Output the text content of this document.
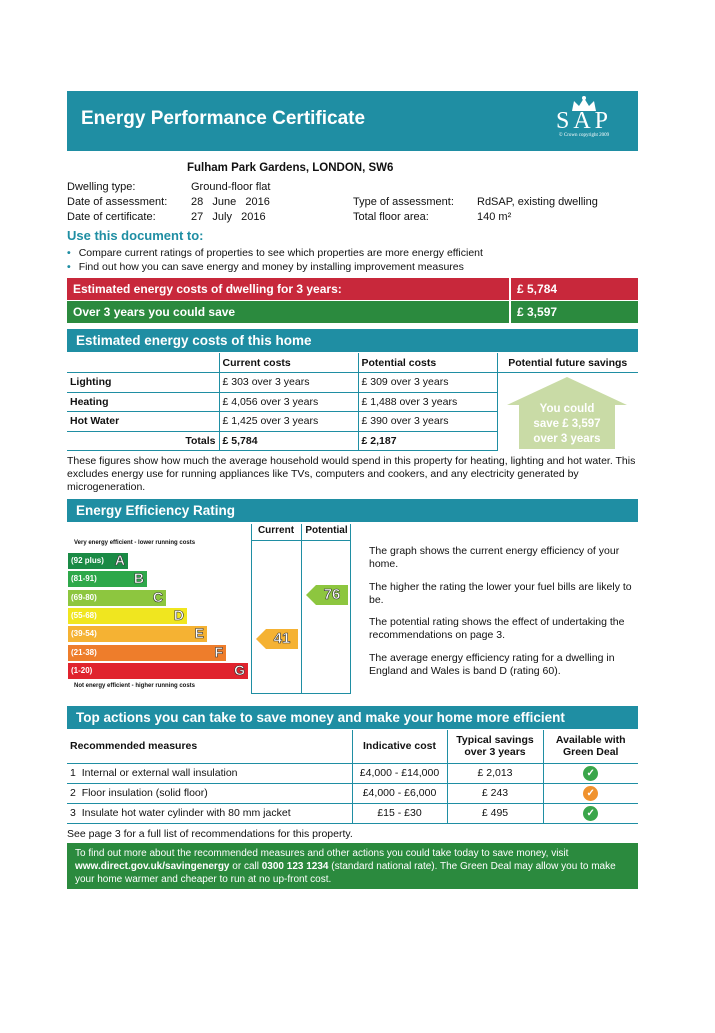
Energy Performance Certificate	SAP
© Crown copyright 2009
Fulham Park Gardens, LONDON, SW6
Dwelling type:	Ground-floor flat
Date of assessment: 28   June   2016
Date of certificate:	27   July   2016
Type of assessment: RdSAP, existing dwelling
Total floor area:	140 m²
Use this document to:
• Compare current ratings of properties to see which properties are more energy efficient
• Find out how you can save energy and money by installing improvement measures
Estimated energy costs of dwelling for 3 years:	£ 5,784
Over 3 years you could save	£ 3,597
Estimated energy costs of this home
	Current costs	Potential costs	Potential future savings
Lighting	£ 303 over 3 years	£ 309 over 3 years	
Heating	£ 4,056 over 3 years	£ 1,488 over 3 years	
Hot Water	£ 1,425 over 3 years	£ 390 over 3 years	
Totals	£ 5,784	£ 2,187	
You could
save £ 3,597
over 3 years
These figures show how much the average household would spend in this property for heating, lighting and hot water. This excludes energy use for running appliances like TVs, computers and cookers, and any electricity generated by microgeneration.
Energy Efficiency Rating
Current	Potential
Very energy efficient - lower running costs
(92 plus) A
(81-91)	B
(69-80)	C
(55-68)	D
(39-54)	E
(21-38)	F
(1-20)	G
Not energy efficient - higher running costs
41
76
The graph shows the current energy efficiency of your home.
The higher the rating the lower your fuel bills are likely to be.
The potential rating shows the effect of undertaking the recommendations on page 3.
The average energy efficiency rating for a dwelling in England and Wales is band D (rating 60).
Top actions you can take to save money and make your home more efficient
Recommended measures	Indicative cost	Typical savings over 3 years	Available with Green Deal
1 Internal or external wall insulation	£4,000 - £14,000	£ 2,013	✓
2 Floor insulation (solid floor)	£4,000 - £6,000	£ 243	✓
3 Insulate hot water cylinder with 80 mm jacket	£15 - £30	£ 495	✓
See page 3 for a full list of recommendations for this property.
To find out more about the recommended measures and other actions you could take today to save money, visit www.direct.gov.uk/savingenergy or call 0300 123 1234 (standard national rate). The Green Deal may allow you to make your home warmer and cheaper to run at no up-front cost.
